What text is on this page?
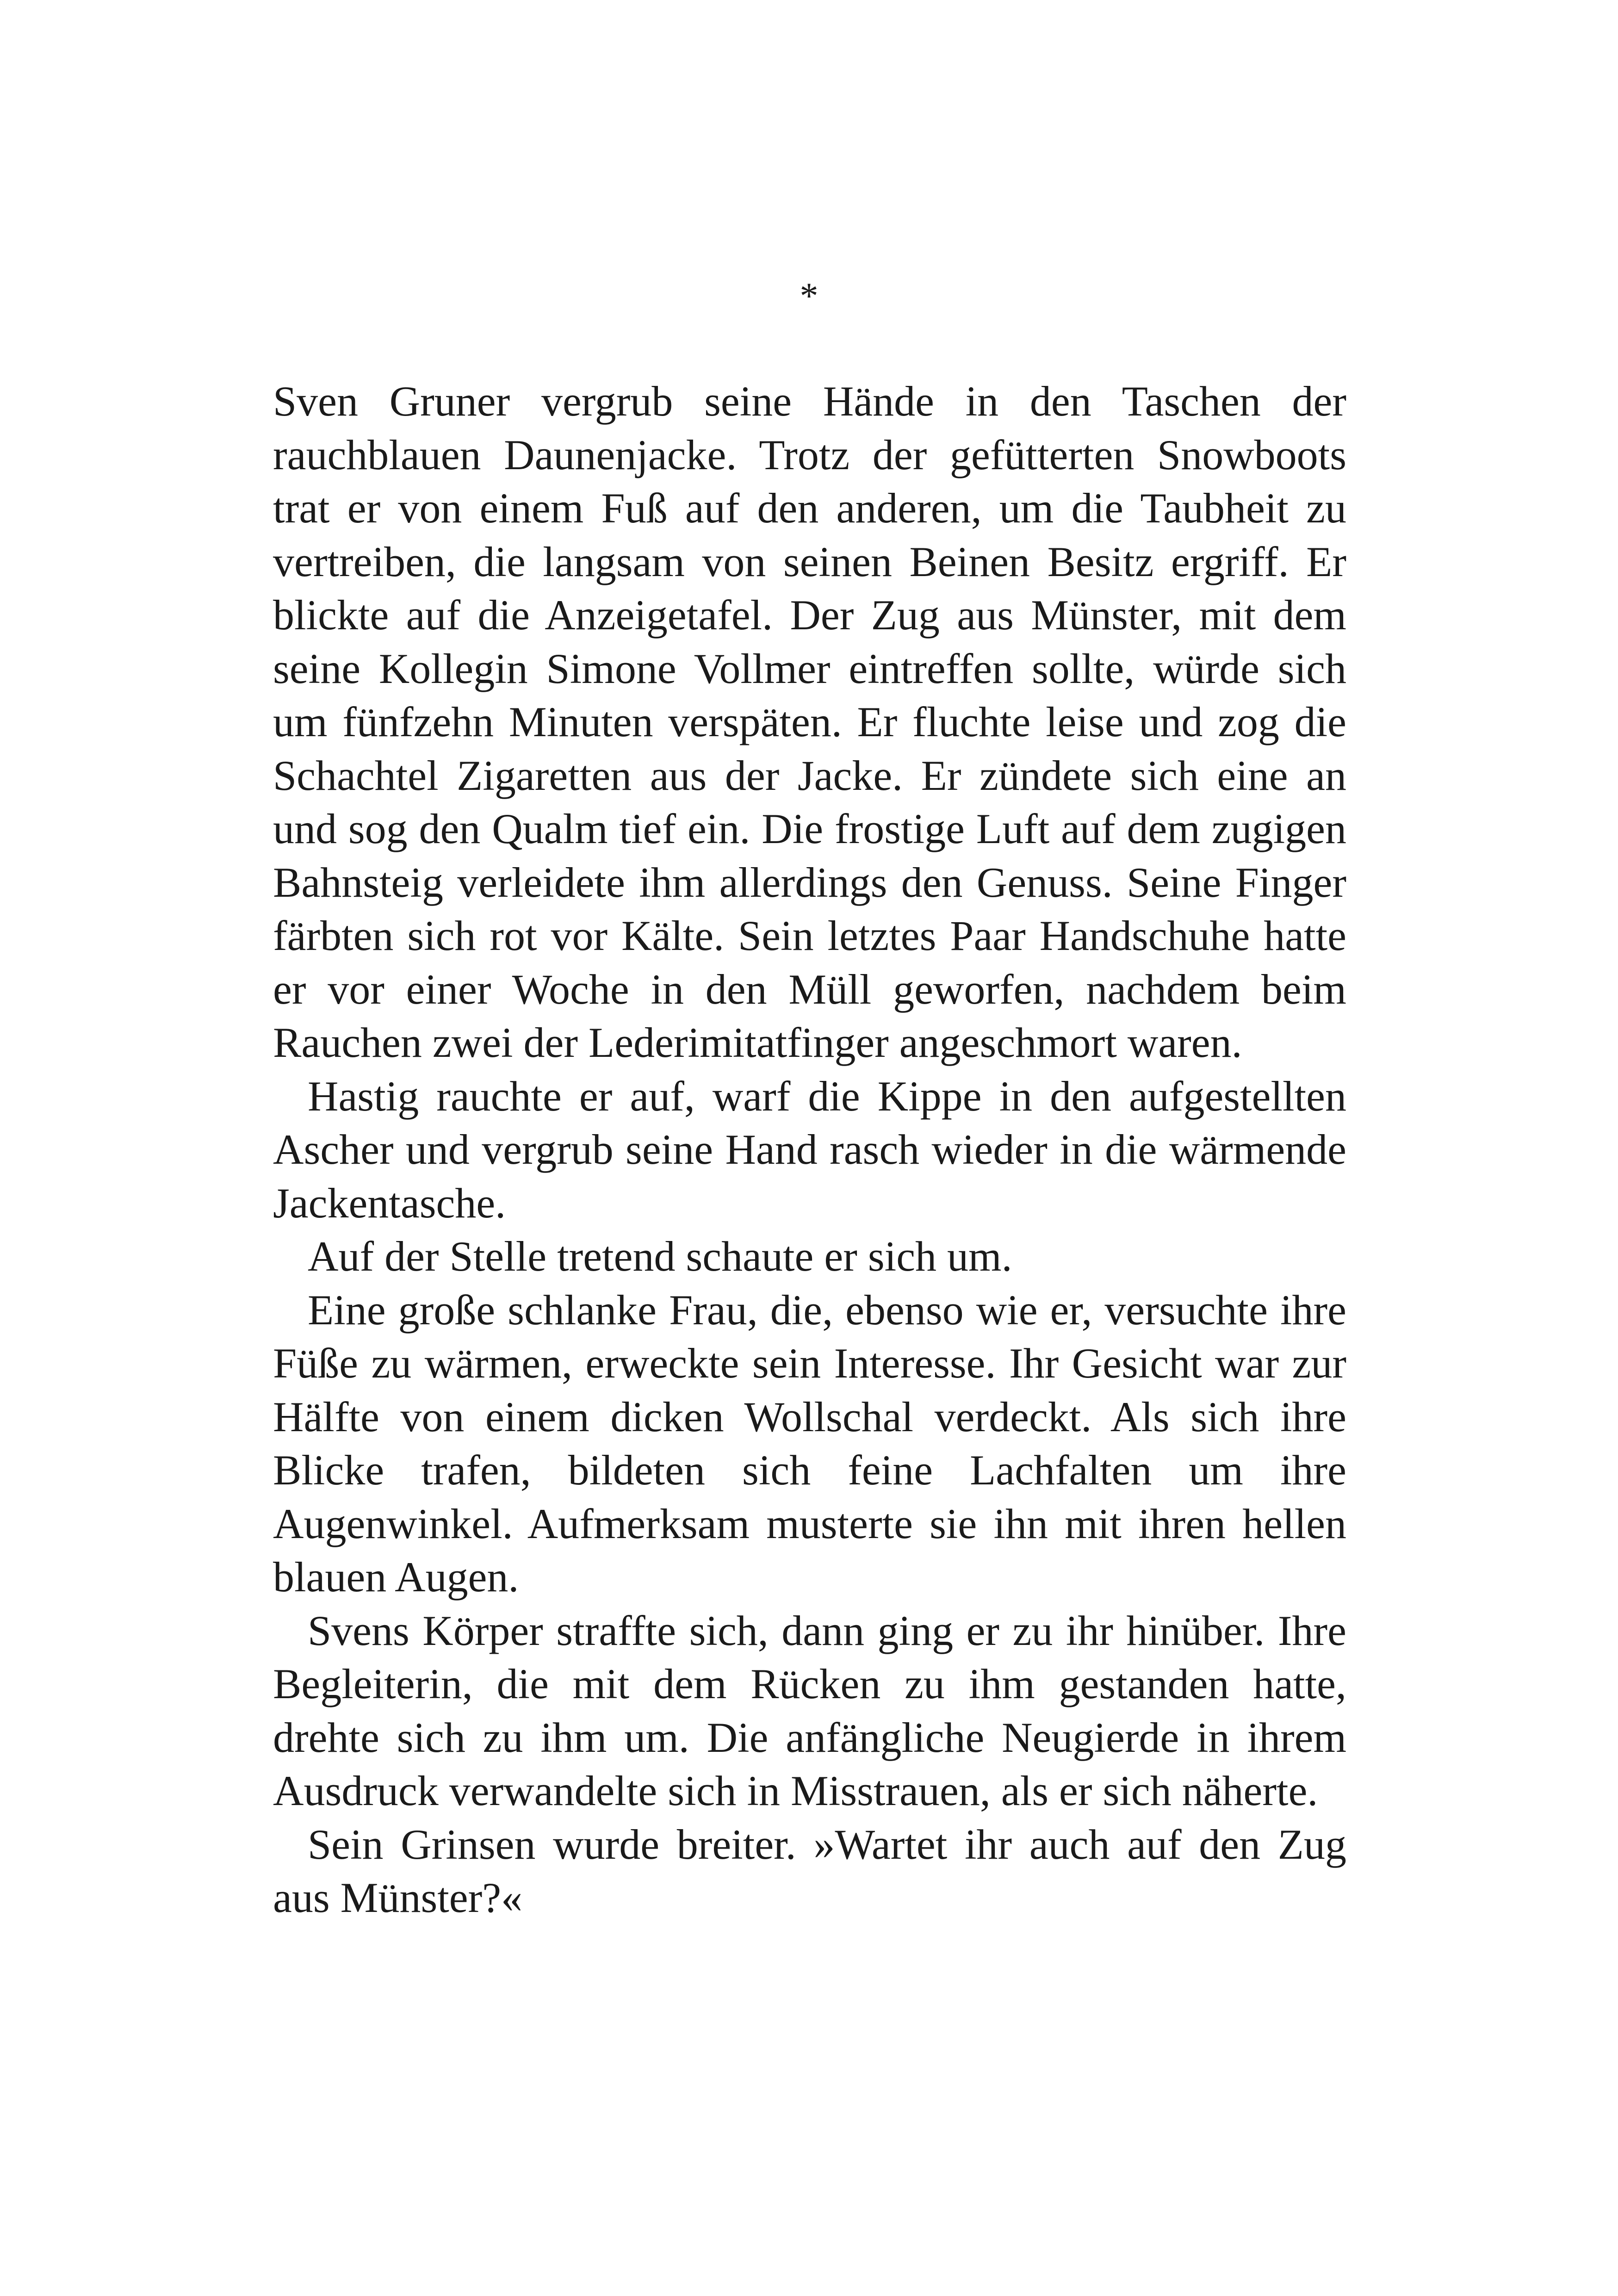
*

Sven Gruner vergrub seine Hände in den Taschen der rauchblauen Daunenjacke. Trotz der gefütterten Snowboots trat er von einem Fuß auf den anderen, um die Taubheit zu vertreiben, die langsam von seinen Beinen Besitz ergriff. Er blickte auf die Anzeigetafel. Der Zug aus Münster, mit dem seine Kollegin Simone Vollmer eintreffen sollte, würde sich um fünfzehn Minuten verspäten. Er fluchte leise und zog die Schachtel Zigaretten aus der Jacke. Er zündete sich eine an und sog den Qualm tief ein. Die frostige Luft auf dem zugigen Bahnsteig verleidete ihm allerdings den Genuss. Seine Finger färbten sich rot vor Kälte. Sein letztes Paar Handschuhe hatte er vor einer Woche in den Müll geworfen, nachdem beim Rauchen zwei der Lederimitatfinger angeschmort waren.

Hastig rauchte er auf, warf die Kippe in den aufgestellten Ascher und vergrub seine Hand rasch wieder in die wärmende Jackentasche.

Auf der Stelle tretend schaute er sich um.

Eine große schlanke Frau, die, ebenso wie er, versuchte ihre Füße zu wärmen, erweckte sein Interesse. Ihr Gesicht war zur Hälfte von einem dicken Wollschal verdeckt. Als sich ihre Blicke trafen, bildeten sich feine Lachfalten um ihre Augenwinkel. Aufmerksam musterte sie ihn mit ihren hellen blauen Augen.

Svens Körper straffte sich, dann ging er zu ihr hinüber. Ihre Begleiterin, die mit dem Rücken zu ihm gestanden hatte, drehte sich zu ihm um. Die anfängliche Neugierde in ihrem Ausdruck verwandelte sich in Misstrauen, als er sich näherte.

Sein Grinsen wurde breiter. »Wartet ihr auch auf den Zug aus Münster?«
